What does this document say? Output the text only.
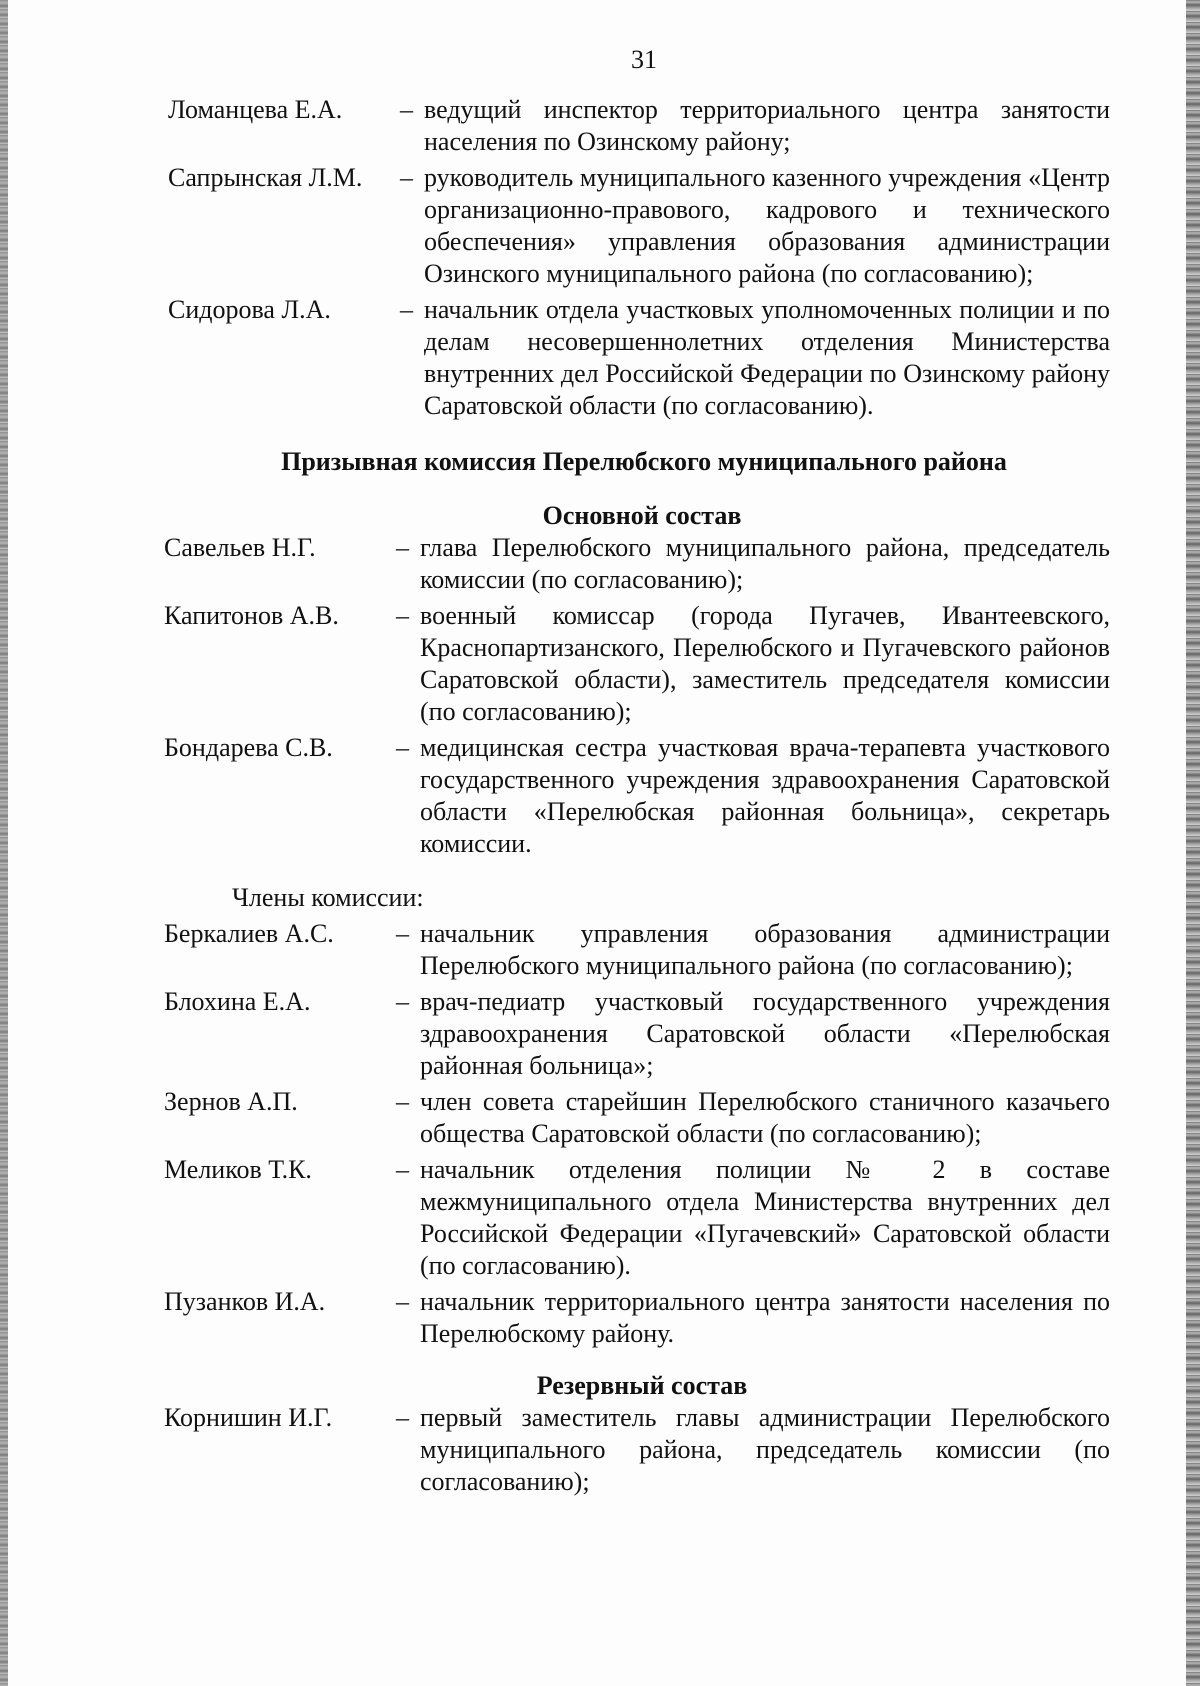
31
Ломанцева Е.А.	– ведущий инспектор территориального центра занятости населения по Озинскому району;
Сапрынская Л.М.	– руководитель муниципального казенного учреждения «Центр организационно-правового, кадрового и технического обеспечения» управления образования администрации Озинского муниципального района (по согласованию);
Сидорова Л.А.	– начальник отдела участковых уполномоченных полиции и по делам несовершеннолетних отделения Министерства внутренних дел Российской Федерации по Озинскому району Саратовской области (по согласованию).
Призывная комиссия Перелюбского муниципального района
Основной состав
Савельев Н.Г.	– глава Перелюбского муниципального района, председатель комиссии (по согласованию);
Капитонов А.В.	– военный комиссар (города Пугачев, Ивантеевского, Краснопартизанского, Перелюбского и Пугачевского районов Саратовской области), заместитель председателя комиссии (по согласованию);
Бондарева С.В.	– медицинская сестра участковая врача-терапевта участкового государственного учреждения здравоохранения Саратовской области «Перелюбская районная больница», секретарь комиссии.
Члены комиссии:
Беркалиев А.С.	– начальник управления образования администрации Перелюбского муниципального района (по согласованию);
Блохина Е.А.	– врач-педиатр участковый государственного учреждения здравоохранения Саратовской области «Перелюбская районная больница»;
Зернов А.П.	– член совета старейшин Перелюбского станичного казачьего общества Саратовской области (по согласованию);
Меликов Т.К.	– начальник отделения полиции № 2 в составе межмуниципального отдела Министерства внутренних дел Российской Федерации «Пугачевский» Саратовской области (по согласованию).
Пузанков И.А.	– начальник территориального центра занятости населения по Перелюбскому району.
Резервный состав
Корнишин И.Г.	– первый заместитель главы администрации Перелюбского муниципального района, председатель комиссии (по согласованию);
